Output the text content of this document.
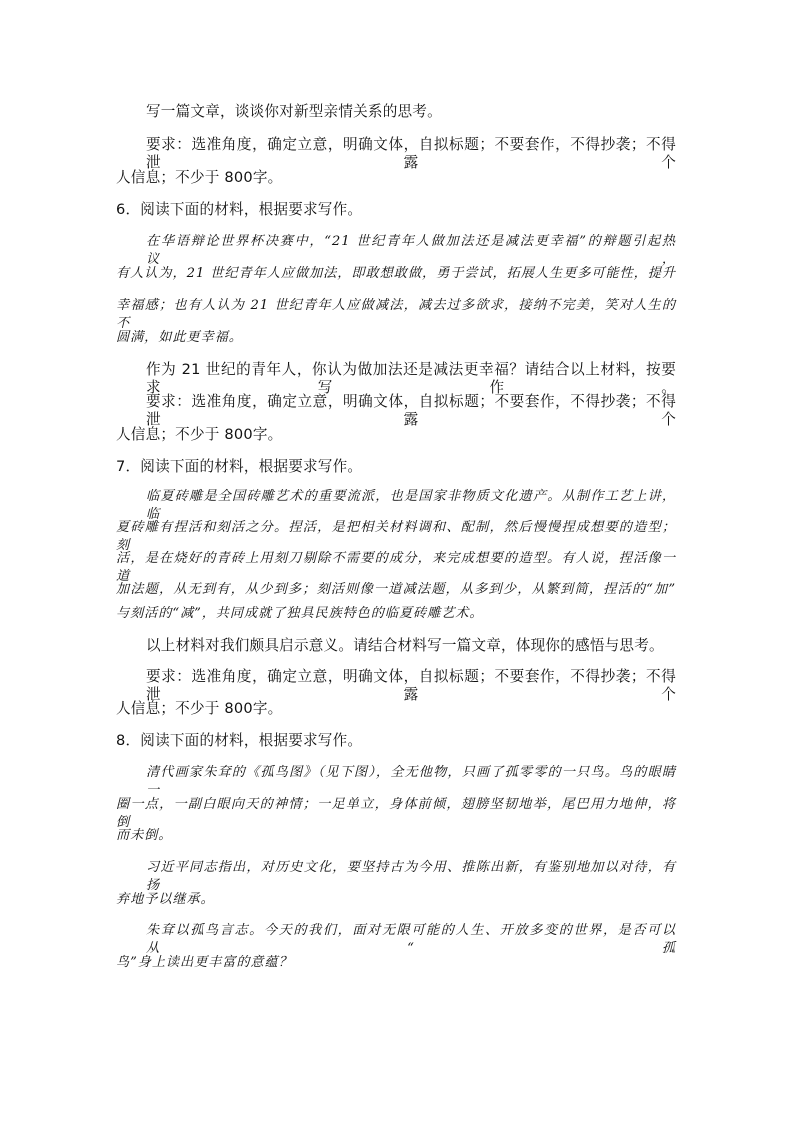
写一篇文章，谈谈你对新型亲情关系的思考。
要求：选准角度，确定立意，明确文体，自拟标题；不要套作，不得抄袭；不得泄露个
人信息；不少于 800字。
6．阅读下面的材料，根据要求写作。
在华语辩论世界杯决赛中，“21 世纪青年人做加法还是减法更幸福”的辩题引起热议，
有人认为，21 世纪青年人应做加法，即敢想敢做，勇于尝试，拓展人生更多可能性，提升
幸福感；也有人认为 21 世纪青年人应做减法，减去过多欲求，接纳不完美，笑对人生的不
圆满，如此更幸福。
作为 21 世纪的青年人，你认为做加法还是减法更幸福？请结合以上材料，按要求写作。
要求：选准角度，确定立意，明确文体，自拟标题；不要套作，不得抄袭；不得泄露个
人信息；不少于 800字。
7．阅读下面的材料，根据要求写作。
临夏砖雕是全国砖雕艺术的重要流派，也是国家非物质文化遗产。从制作工艺上讲，临
夏砖雕有捏活和刻活之分。捏活，是把相关材料调和、配制，然后慢慢捏成想要的造型；刻
活，是在烧好的青砖上用刻刀剔除不需要的成分，来完成想要的造型。有人说，捏活像一道
加法题，从无到有，从少到多；刻活则像一道减法题，从多到少，从繁到简，捏活的“加”
与刻活的“减”，共同成就了独具民族特色的临夏砖雕艺术。
以上材料对我们颇具启示意义。请结合材料写一篇文章，体现你的感悟与思考。
要求：选准角度，确定立意，明确文体，自拟标题；不要套作，不得抄袭；不得泄露个
人信息；不少于 800字。
8．阅读下面的材料，根据要求写作。
清代画家朱耷的《孤鸟图》（见下图），全无他物，只画了孤零零的一只鸟。鸟的眼睛一
圈一点，一副白眼向天的神情；一足单立，身体前倾，翅膀坚韧地举，尾巴用力地伸，将倒
而未倒。
习近平同志指出，对历史文化，要坚持古为今用、推陈出新，有鉴别地加以对待，有扬
弃地予以继承。
朱耷以孤鸟言志。今天的我们，面对无限可能的人生、开放多变的世界，是否可以从“孤
鸟”身上读出更丰富的意蕴？
